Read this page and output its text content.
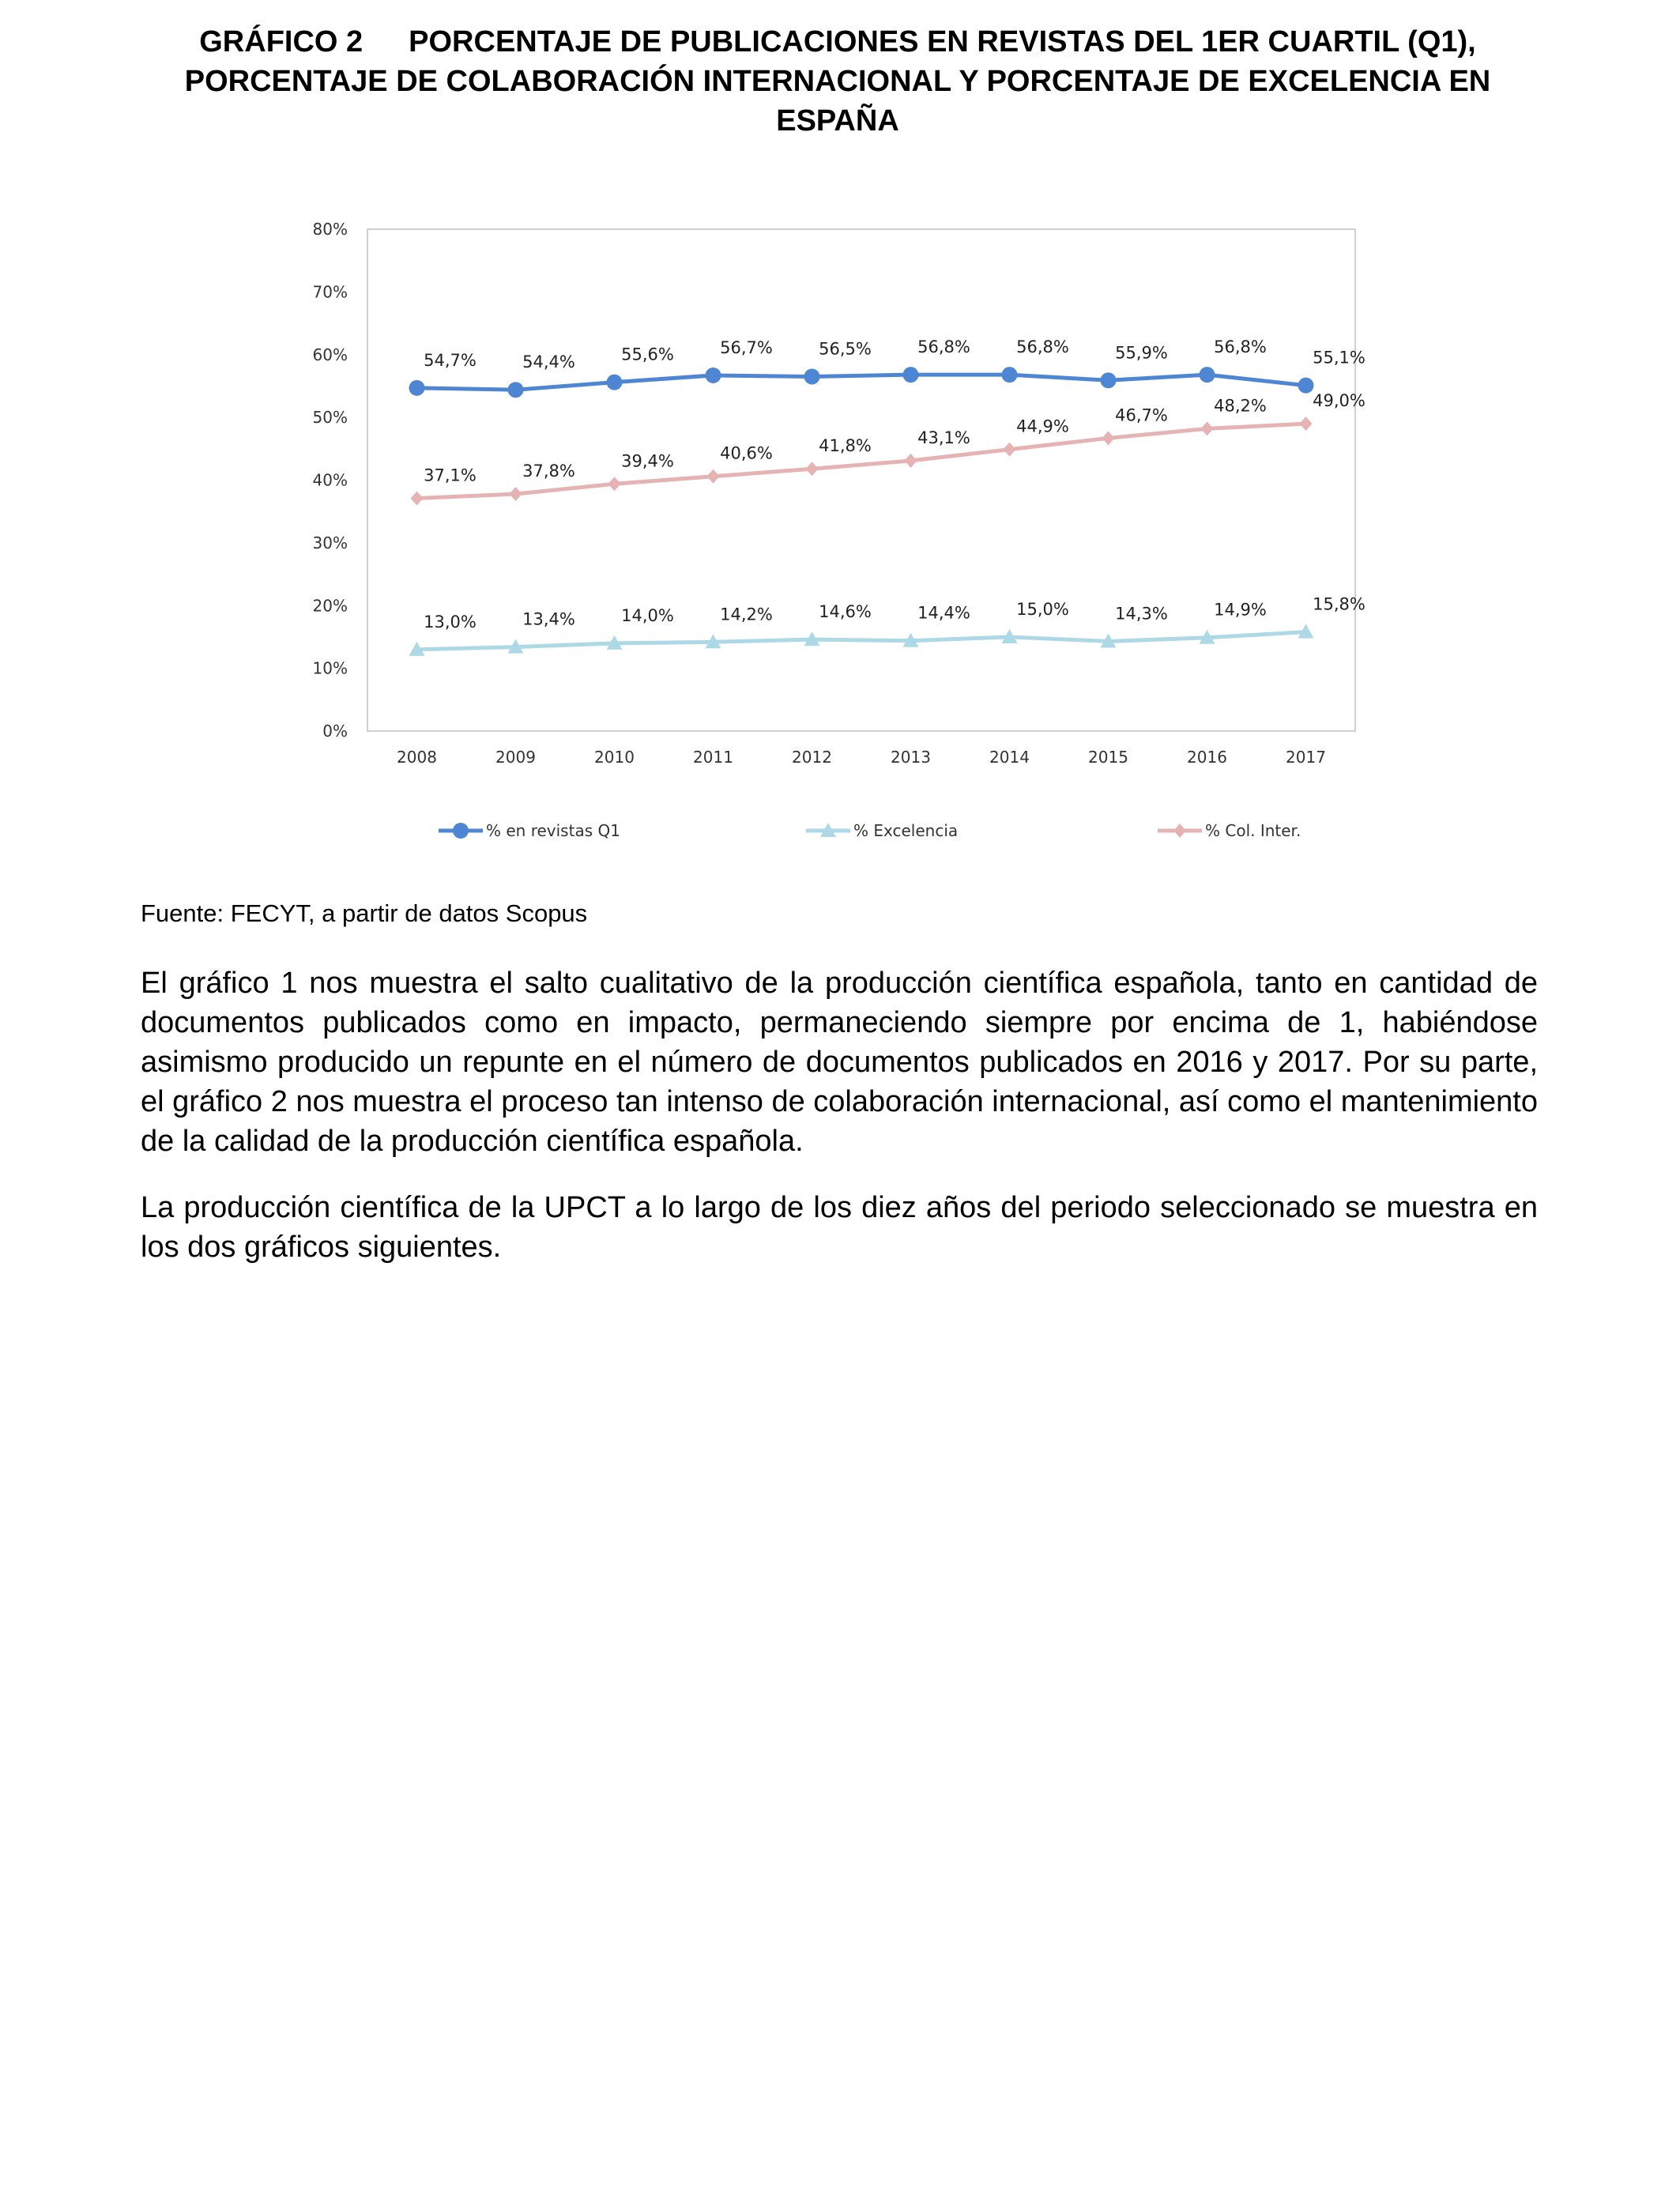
GRÁFICO 2 PORCENTAJE DE PUBLICACIONES EN REVISTAS DEL 1ER CUARTIL (Q1), PORCENTAJE DE COLABORACIÓN INTERNACIONAL Y PORCENTAJE DE EXCELENCIA EN ESPAÑA
0%
10%
20%
30%
40%
50%
60%
70%
80%
2008	2009	2010	2011	2012	2013	2014	2015	2016	2017
54,7%	54,4%	55,6%	56,7%	56,5%	56,8%	56,8%	55,9%	56,8%
55,1%
13,0%	13,4%	14,0%	14,2%	14,6%	14,4%	15,0%	14,3%	14,9%	15,8%
37,1%	37,8%
39,4%	40,6%	41,8%	43,1%
44,9%
46,7%	48,2%	49,0%
% en revistas Q1	% Excelencia	% Col. Inter.
Fuente: FECYT, a partir de datos Scopus

El gráfico 1 nos muestra el salto cualitativo de la producción científica española, tanto en cantidad de documentos publicados como en impacto, permaneciendo siempre por encima de 1, habiéndose asimismo producido un repunte en el número de documentos publicados en 2016 y 2017. Por su parte, el gráfico 2 nos muestra el proceso tan intenso de colaboración internacional, así como el mantenimiento de la calidad de la producción científica española.

La producción científica de la UPCT a lo largo de los diez años del periodo seleccionado se muestra en los dos gráficos siguientes.
